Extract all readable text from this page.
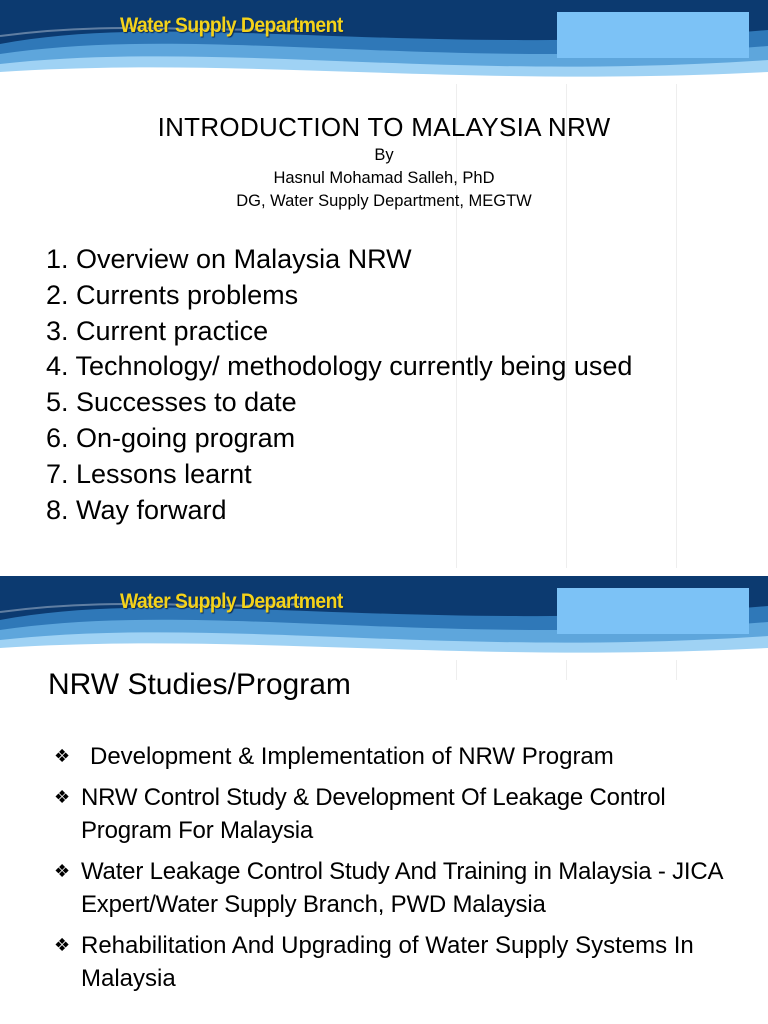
Water Supply Department
INTRODUCTION TO MALAYSIA NRW
By
Hasnul Mohamad Salleh, PhD
DG, Water Supply Department, MEGTW
1. Overview on Malaysia NRW
2. Currents problems
3. Current practice
4. Technology/ methodology currently being used
5. Successes to date
6. On-going program
7. Lessons learnt
8. Way forward
Water Supply Department
NRW Studies/Program
❖ Development & Implementation of NRW Program
❖ NRW Control Study & Development Of Leakage Control Program For Malaysia
❖ Water Leakage Control Study And Training in Malaysia - JICA Expert/Water Supply Branch, PWD Malaysia
❖ Rehabilitation And Upgrading of Water Supply Systems In Malaysia
